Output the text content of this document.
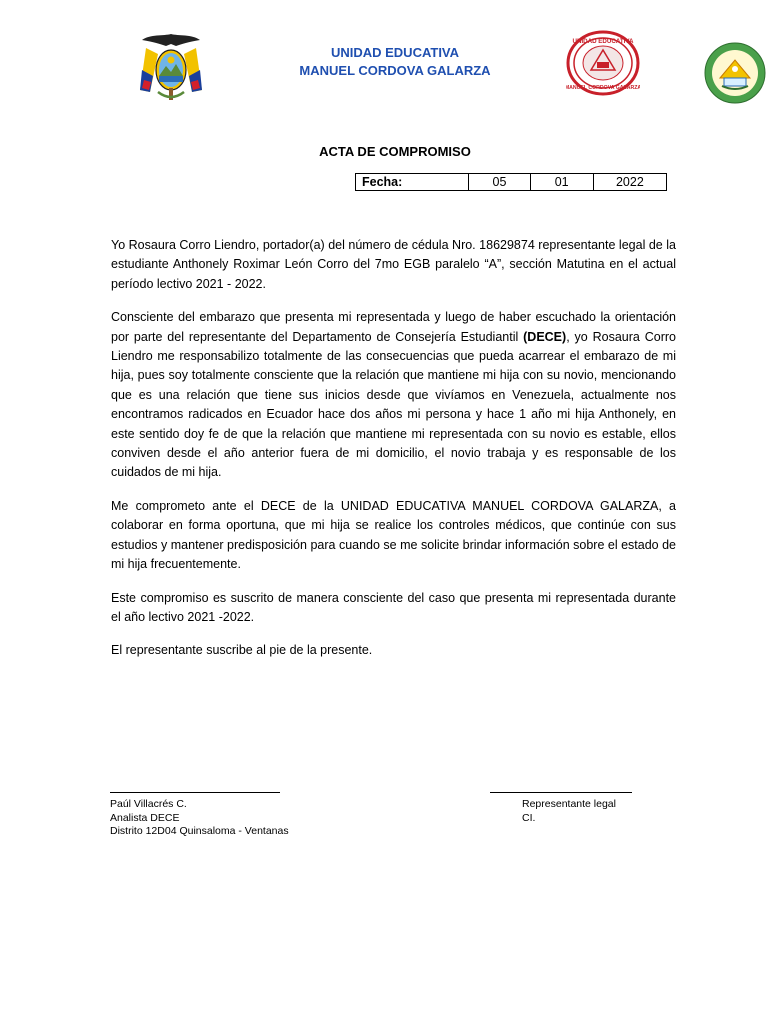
UNIDAD EDUCATIVA
MANUEL CORDOVA GALARZA
UNIDAD EDUCATIVA
MANUEL CORDOVA GALARZA
ACTA DE COMPROMISO
Fecha:	05	01	2022

Yo Rosaura Corro Liendro, portador(a) del número de cédula Nro. 18629874 representante legal de la estudiante Anthonely Roximar León Corro del 7mo EGB paralelo “A”, sección Matutina en el actual período lectivo 2021 - 2022.

Consciente del embarazo que presenta mi representada y luego de haber escuchado la orientación por parte del representante del Departamento de Consejería Estudiantil (DECE), yo Rosaura Corro Liendro me responsabilizo totalmente de las consecuencias que pueda acarrear el embarazo de mi hija, pues soy totalmente consciente que la relación que mantiene mi hija con su novio, mencionando que es una relación que tiene sus inicios desde que vivíamos en Venezuela, actualmente nos encontramos radicados en Ecuador hace dos años mi persona y hace 1 año mi hija Anthonely, en este sentido doy fe de que la relación que mantiene mi representada con su novio es estable, ellos conviven desde el año anterior fuera de mi domicilio, el novio trabaja y es responsable de los cuidados de mi hija.

Me comprometo ante el DECE de la UNIDAD EDUCATIVA MANUEL CORDOVA GALARZA, a colaborar en forma oportuna, que mi hija se realice los controles médicos, que continúe con sus estudios y mantener predisposición para cuando se me solicite brindar información sobre el estado de mi hija frecuentemente.

Este compromiso es suscrito de manera consciente del caso que presenta mi representada durante el año lectivo 2021 -2022.

El representante suscribe al pie de la presente.

Paúl Villacrés C.
Analista DECE
Distrito 12D04 Quinsaloma - Ventanas
Representante legal
CI.
